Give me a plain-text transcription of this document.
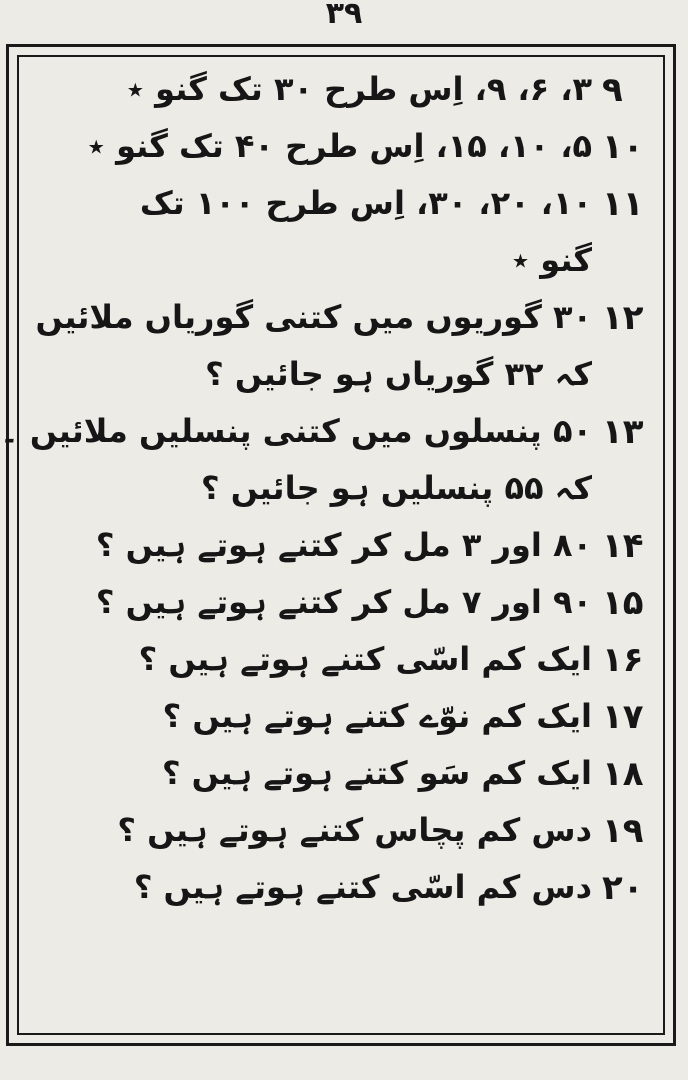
۳۹
۹
۳، ۶، ۹، اِس طرح ۳۰ تک گنو ٭
۱۰
۵، ۱۰، ۱۵، اِس طرح ۴۰ تک گنو ٭
۱۱
۱۰، ۲۰، ۳۰، اِس طرح ۱۰۰ تک
گنو ٭
۱۲
۳۰ گوریوں میں کتنی گوریاں ملائیں
کہ ۳۲ گوریاں ہو جائیں ؟
۱۳
۵۰ پنسلوں میں کتنی پنسلیں ملائیں ۔
کہ ۵۵ پنسلیں ہو جائیں ؟
۱۴
۸۰ اور ۳ مل کر کتنے ہوتے ہیں ؟
۱۵
۹۰ اور ۷ مل کر کتنے ہوتے ہیں ؟
۱۶
ایک کم اسّی کتنے ہوتے ہیں ؟
۱۷
ایک کم نوّے کتنے ہوتے ہیں ؟
۱۸
ایک کم سَو کتنے ہوتے ہیں ؟
۱۹
دس کم پچاس کتنے ہوتے ہیں ؟
۲۰
دس کم اسّی کتنے ہوتے ہیں ؟
